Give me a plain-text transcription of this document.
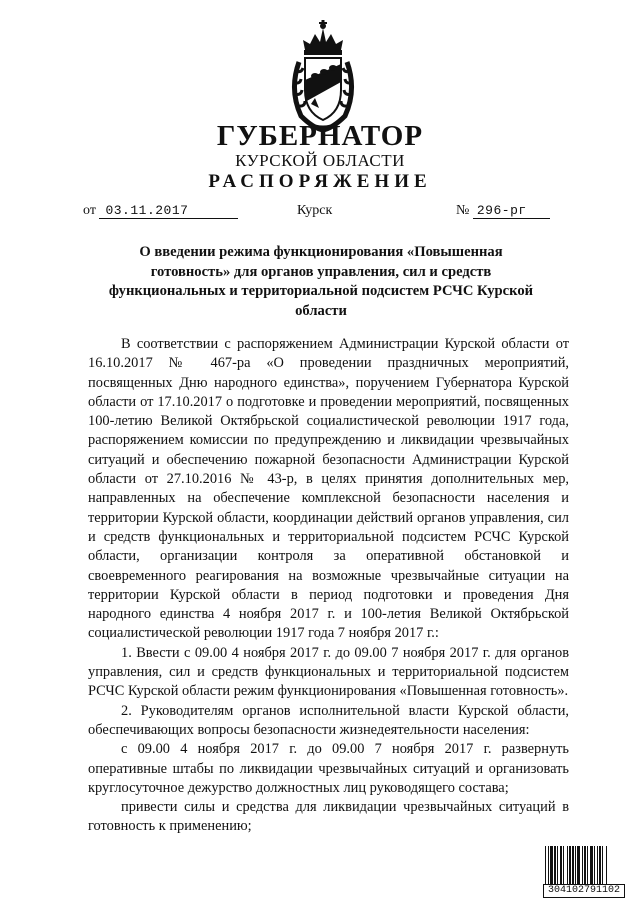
ГУБЕРНАТОР
КУРСКОЙ ОБЛАСТИ
РАСПОРЯЖЕНИЕ
от 03.11.2017	Курск	№ 296-рг
О введении режима функционирования «Повышенная готовность» для органов управления, сил и средств функциональных и территориальной подсистем РСЧС Курской области

В соответствии с распоряжением Администрации Курской области от 16.10.2017 № 467-ра «О проведении праздничных мероприятий, посвященных Дню народного единства», поручением Губернатора Курской области от 17.10.2017 о подготовке и проведении мероприятий, посвященных 100-летию Великой Октябрьской социалистической революции 1917 года, распоряжением комиссии по предупреждению и ликвидации чрезвычайных ситуаций и обеспечению пожарной безопасности Администрации Курской области от 27.10.2016 № 43-р, в целях принятия дополнительных мер, направленных на обеспечение комплексной безопасности населения и территории Курской области, координации действий органов управления, сил и средств функциональных и территориальной подсистем РСЧС Курской области, организации контроля за оперативной обстановкой и своевременного реагирования на возможные чрезвычайные ситуации на территории Курской области в период подготовки и проведения Дня народного единства 4 ноября 2017 г. и 100-летия Великой Октябрьской социалистической революции 1917 года 7 ноября 2017 г.:

1. Ввести с 09.00 4 ноября 2017 г. до 09.00 7 ноября 2017 г. для органов управления, сил и средств функциональных и территориальной подсистем РСЧС Курской области режим функционирования «Повышенная готовность».

2. Руководителям органов исполнительной власти Курской области, обеспечивающих вопросы безопасности жизнедеятельности населения:

с 09.00 4 ноября 2017 г. до 09.00 7 ноября 2017 г. развернуть оперативные штабы по ликвидации чрезвычайных ситуаций и организовать круглосуточное дежурство должностных лиц руководящего состава;

привести силы и средства для ликвидации чрезвычайных ситуаций в готовность к применению;

304102791102
